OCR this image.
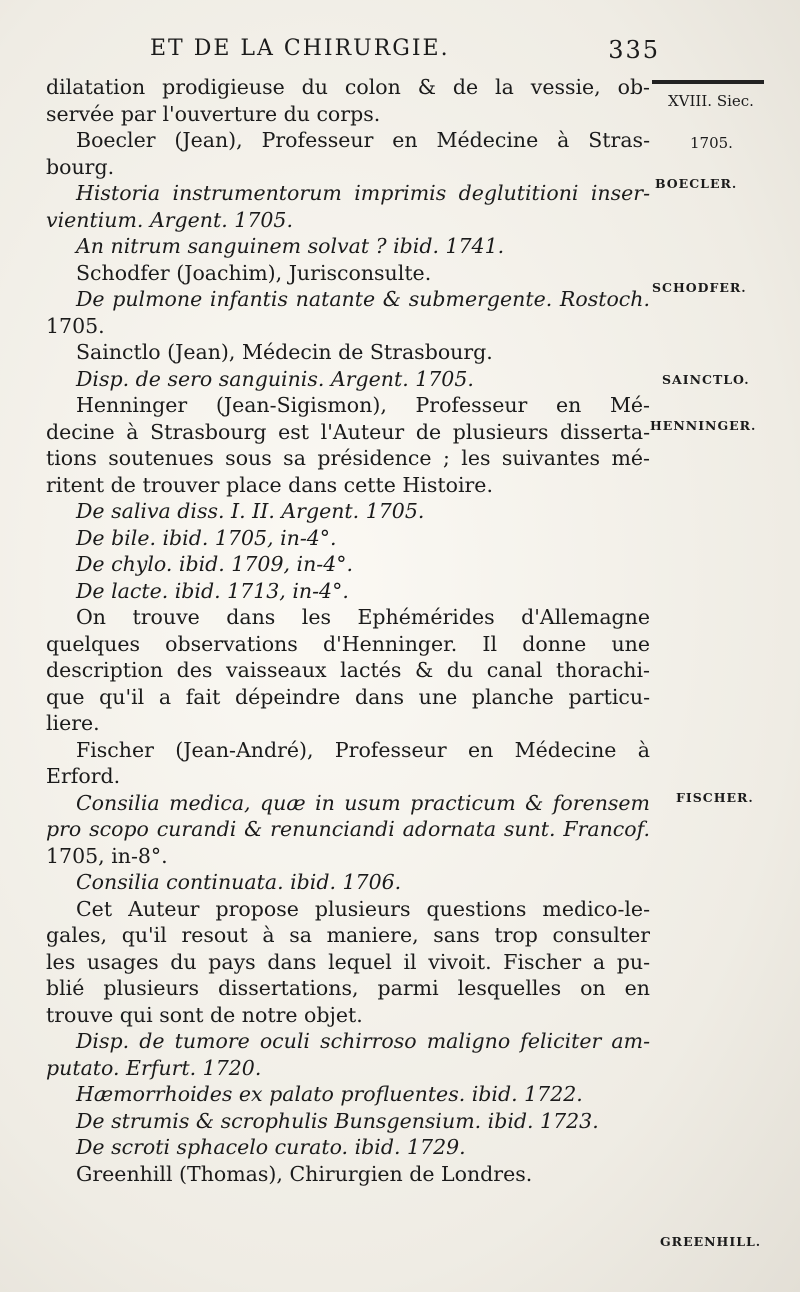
ET DE LA CHIRURGIE.	335
XVIII. Siec.
1705.
BOECLER.
SCHODFER.
SAINCTLO.
HENNINGER.
FISCHER.
GREENHILL.
dilatation prodigieuse du colon & de la vessie, ob-
servée par l'ouverture du corps.
Boecler (Jean), Professeur en Médecine à Stras-
bourg.
Historia instrumentorum imprimis deglutitioni inser-
vientium. Argent. 1705.
An nitrum sanguinem solvat ? ibid. 1741.
Schodfer (Joachim), Jurisconsulte.
De pulmone infantis natante & submergente. Rostoch.
1705.
Sainctlo (Jean), Médecin de Strasbourg.
Disp. de sero sanguinis. Argent. 1705.
Henninger (Jean-Sigismon), Professeur en Mé-
decine à Strasbourg est l'Auteur de plusieurs disserta-
tions soutenues sous sa présidence ; les suivantes mé-
ritent de trouver place dans cette Histoire.
De saliva diss. I. II. Argent. 1705.
De bile. ibid. 1705, in-4°.
De chylo. ibid. 1709, in-4°.
De lacte. ibid. 1713, in-4°.
On trouve dans les Ephémérides d'Allemagne
quelques observations d'Henninger. Il donne une
description des vaisseaux lactés & du canal thorachi-
que qu'il a fait dépeindre dans une planche particu-
liere.
Fischer (Jean-André), Professeur en Médecine à
Erford.
Consilia medica, quæ in usum practicum & forensem
pro scopo curandi & renunciandi adornata sunt. Francof.
1705, in-8°.
Consilia continuata. ibid. 1706.
Cet Auteur propose plusieurs questions medico-le-
gales, qu'il resout à sa maniere, sans trop consulter
les usages du pays dans lequel il vivoit. Fischer a pu-
blié plusieurs dissertations, parmi lesquelles on en
trouve qui sont de notre objet.
Disp. de tumore oculi schirroso maligno feliciter am-
putato. Erfurt. 1720.
Hæmorrhoides ex palato profluentes. ibid. 1722.
De strumis & scrophulis Bunsgensium. ibid. 1723.
De scroti sphacelo curato. ibid. 1729.
Greenhill (Thomas), Chirurgien de Londres.
